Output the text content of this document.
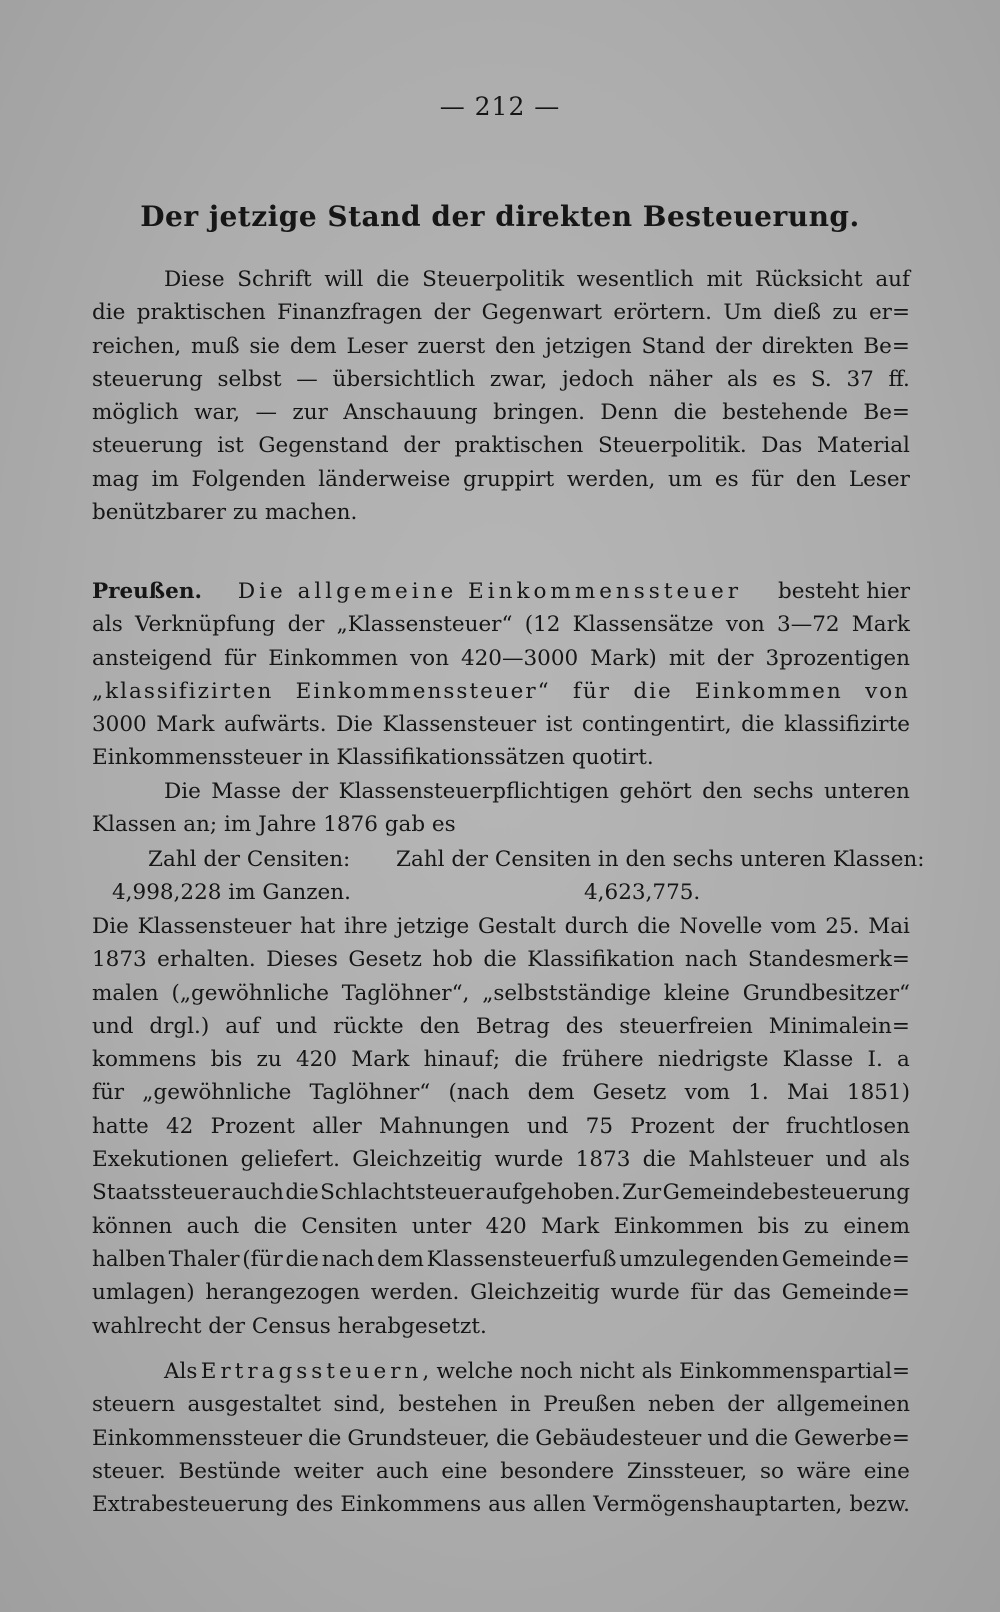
— 212 —
Der jetzige Stand der direkten Besteuerung.
Diese Schrift will die Steuerpolitik wesentlich mit Rücksicht auf
die praktischen Finanzfragen der Gegenwart erörtern. Um dieß zu er=
reichen, muß sie dem Leser zuerst den jetzigen Stand der direkten Be=
steuerung selbst — übersichtlich zwar, jedoch näher als es S. 37 ff.
möglich war, — zur Anschauung bringen. Denn die bestehende Be=
steuerung ist Gegenstand der praktischen Steuerpolitik. Das Material
mag im Folgenden länderweise gruppirt werden, um es für den Leser
benützbarer zu machen.
Preußen. Die allgemeine Einkommenssteuer besteht hier
als Verknüpfung der „Klassensteuer“ (12 Klassensätze von 3—72 Mark
ansteigend für Einkommen von 420—3000 Mark) mit der 3prozentigen
„klassifizirten Einkommenssteuer“ für die Einkommen von
3000 Mark aufwärts. Die Klassensteuer ist contingentirt, die klassifizirte
Einkommenssteuer in Klassifikationssätzen quotirt.
Die Masse der Klassensteuerpflichtigen gehört den sechs unteren
Klassen an; im Jahre 1876 gab es
Zahl der Censiten: Zahl der Censiten in den sechs unteren Klassen:
4,998,228 im Ganzen.	4,623,775.
Die Klassensteuer hat ihre jetzige Gestalt durch die Novelle vom 25. Mai
1873 erhalten. Dieses Gesetz hob die Klassifikation nach Standesmerk=
malen („gewöhnliche Taglöhner“, „selbstständige kleine Grundbesitzer“
und drgl.) auf und rückte den Betrag des steuerfreien Minimalein=
kommens bis zu 420 Mark hinauf; die frühere niedrigste Klasse I. a
für „gewöhnliche Taglöhner“ (nach dem Gesetz vom 1. Mai 1851)
hatte 42 Prozent aller Mahnungen und 75 Prozent der fruchtlosen
Exekutionen geliefert. Gleichzeitig wurde 1873 die Mahlsteuer und als
Staatssteuer auch die Schlachtsteuer aufgehoben. Zur Gemeindebesteuerung
können auch die Censiten unter 420 Mark Einkommen bis zu einem
halben Thaler (für die nach dem Klassensteuerfuß umzulegenden Gemeinde=
umlagen) herangezogen werden. Gleichzeitig wurde für das Gemeinde=
wahlrecht der Census herabgesetzt.
Als Ertragssteuern, welche noch nicht als Einkommenspartial=
steuern ausgestaltet sind, bestehen in Preußen neben der allgemeinen
Einkommenssteuer die Grundsteuer, die Gebäudesteuer und die Gewerbe=
steuer. Bestünde weiter auch eine besondere Zinssteuer, so wäre eine
Extrabesteuerung des Einkommens aus allen Vermögenshauptarten, bezw.
